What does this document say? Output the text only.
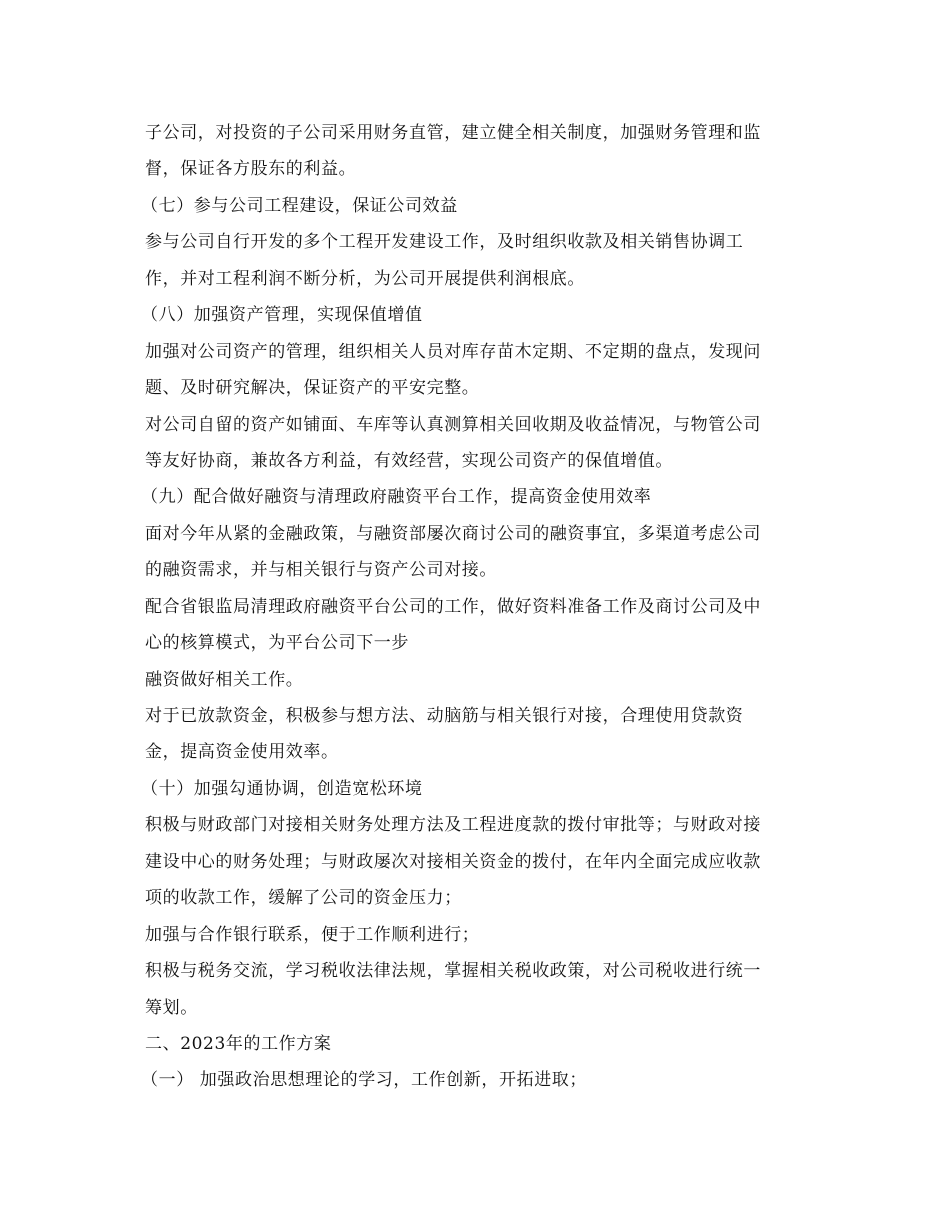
子公司，对投资的子公司采用财务直管，建立健全相关制度，加强财务管理和监
督，保证各方股东的利益。
（七）参与公司工程建设，保证公司效益
参与公司自行开发的多个工程开发建设工作，及时组织收款及相关销售协调工
作，并对工程利润不断分析，为公司开展提供利润根底。
（八）加强资产管理，实现保值增值
加强对公司资产的管理，组织相关人员对库存苗木定期、不定期的盘点，发现问
题、及时研究解决，保证资产的平安完整。
对公司自留的资产如铺面、车库等认真测算相关回收期及收益情况，与物管公司
等友好协商，兼故各方利益，有效经营，实现公司资产的保值增值。
（九）配合做好融资与清理政府融资平台工作，提高资金使用效率
面对今年从紧的金融政策，与融资部屡次商讨公司的融资事宜，多渠道考虑公司
的融资需求，并与相关银行与资产公司对接。
配合省银监局清理政府融资平台公司的工作，做好资料准备工作及商讨公司及中
心的核算模式，为平台公司下一步
融资做好相关工作。
对于已放款资金，积极参与想方法、动脑筋与相关银行对接，合理使用贷款资
金，提高资金使用效率。
（十）加强勾通协调，创造宽松环境
积极与财政部门对接相关财务处理方法及工程进度款的拨付审批等；与财政对接
建设中心的财务处理；与财政屡次对接相关资金的拨付，在年内全面完成应收款
项的收款工作，缓解了公司的资金压力；
加强与合作银行联系，便于工作顺利进行；
积极与税务交流，学习税收法律法规，掌握相关税收政策，对公司税收进行统一
筹划。
二、2023年的工作方案
（一） 加强政治思想理论的学习，工作创新，开拓进取；
